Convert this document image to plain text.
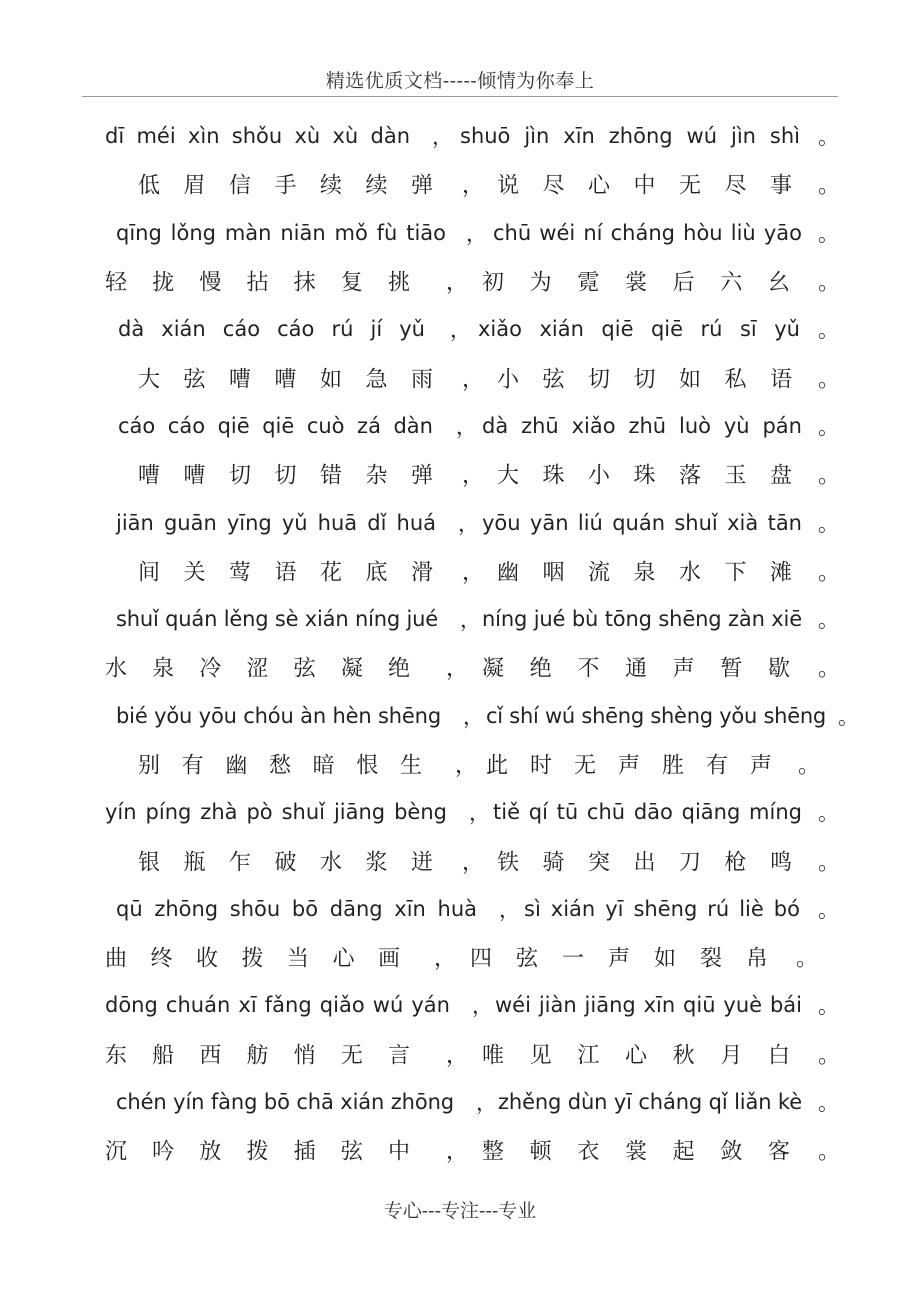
精选优质文档-----倾情为你奉上
dī méi xìn shǒu xù xù dàn ， shuō jìn xīn zhōng wú jìn shì 。
低 眉 信 手 续 续 弹 ， 说 尽 心 中 无 尽 事 。
qīng lǒng màn niān mǒ fù tiāo ， chū wéi ní cháng hòu liù yāo 。
轻 拢 慢 拈 抹 复 挑 ， 初 为 霓 裳 后 六 幺 。
dà xián cáo cáo rú jí yǔ ， xiǎo xián qiē qiē rú sī yǔ 。
大 弦 嘈 嘈 如 急 雨 ， 小 弦 切 切 如 私 语 。
cáo cáo qiē qiē cuò zá dàn ， dà zhū xiǎo zhū luò yù pán 。
嘈 嘈 切 切 错 杂 弹 ， 大 珠 小 珠 落 玉 盘 。
jiān guān yīng yǔ huā dǐ huá ， yōu yān liú quán shuǐ xià tān 。
间 关 莺 语 花 底 滑 ， 幽 咽 流 泉 水 下 滩 。
shuǐ quán lěng sè xián níng jué ， níng jué bù tōng shēng zàn xiē 。
水 泉 冷 涩 弦 凝 绝 ， 凝 绝 不 通 声 暂 歇 。
bié yǒu yōu chóu àn hèn shēng ， cǐ shí wú shēng shèng yǒu shēng 。
别 有 幽 愁 暗 恨 生 ， 此 时 无 声 胜 有 声 。
yín píng zhà pò shuǐ jiāng bèng ， tiě qí tū chū dāo qiāng míng 。
银 瓶 乍 破 水 浆 迸 ， 铁 骑 突 出 刀 枪 鸣 。
qū zhōng shōu bō dāng xīn huà ， sì xián yī shēng rú liè bó 。
曲 终 收 拨 当 心 画 ， 四 弦 一 声 如 裂 帛 。
dōng chuán xī fǎng qiǎo wú yán ， wéi jiàn jiāng xīn qiū yuè bái 。
东 船 西 舫 悄 无 言 ， 唯 见 江 心 秋 月 白 。
chén yín fàng bō chā xián zhōng ， zhěng dùn yī cháng qǐ liǎn kè 。
沉 吟 放 拨 插 弦 中 ， 整 顿 衣 裳 起 敛 客 。
专心---专注---专业
